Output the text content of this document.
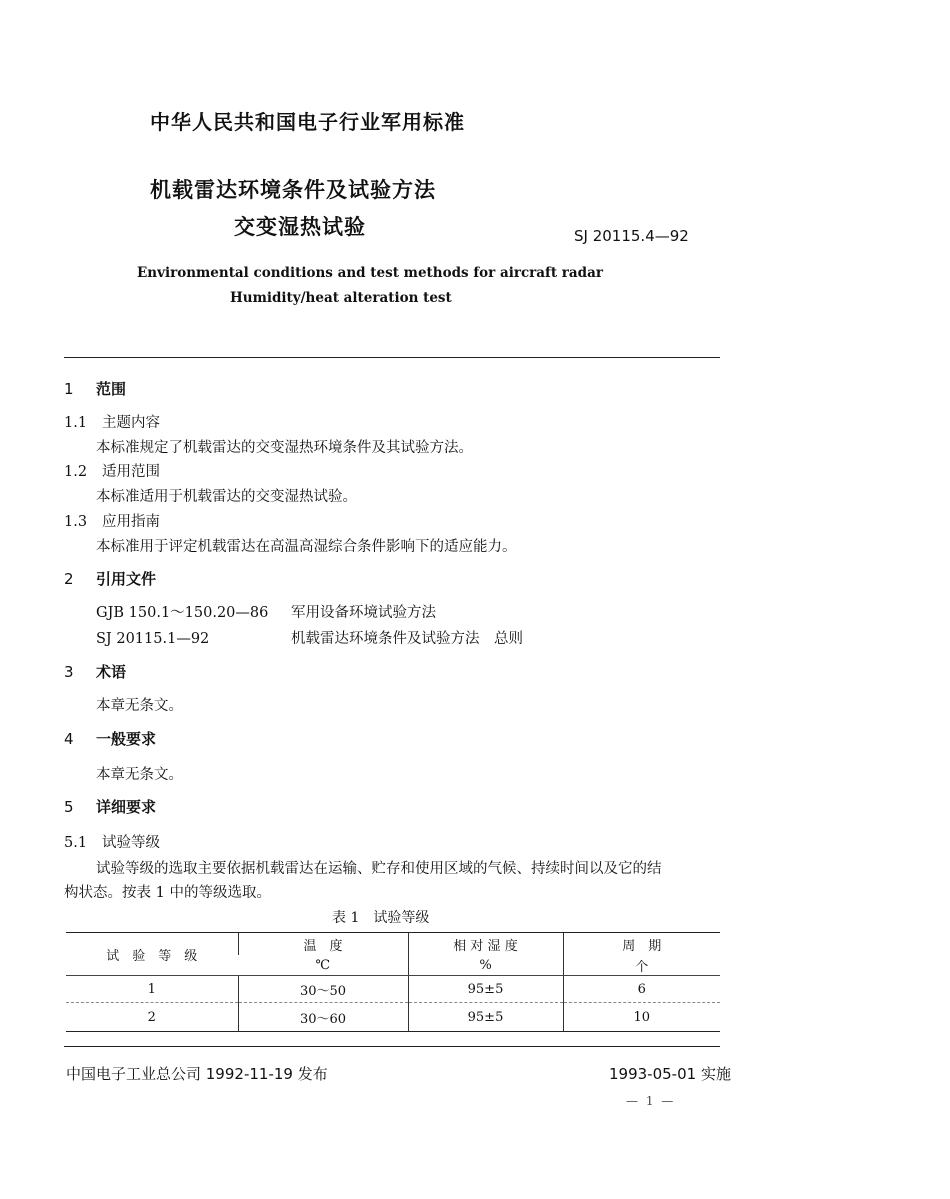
中华人民共和国电子行业军用标准
机载雷达环境条件及试验方法
交变湿热试验	SJ 20115.4—92
Environmental conditions and test methods for aircraft radar
Humidity/heat alteration test
1 范围
1.1 主题内容
本标准规定了机载雷达的交变湿热环境条件及其试验方法。
1.2 适用范围
本标准适用于机载雷达的交变湿热试验。
1.3 应用指南
本标准用于评定机载雷达在高温高湿综合条件影响下的适应能力。
2 引用文件
GJB 150.1～150.20—86 军用设备环境试验方法
SJ 20115.1—92	机载雷达环境条件及试验方法　总则
3 术语
本章无条文。
4 一般要求
本章无条文。
5 详细要求
5.1 试验等级
试验等级的选取主要依据机载雷达在运输、贮存和使用区域的气候、持续时间以及它的结
构状态。按表 1 中的等级选取。
表 1　试验等级
试　验　等　级	温　度	相 对 湿 度	周　期
	℃	%	个
1	30～50	95±5	6
2	30～60	95±5	10
中国电子工业总公司 1992-11-19 发布	1993-05-01 实施
— 1 —
